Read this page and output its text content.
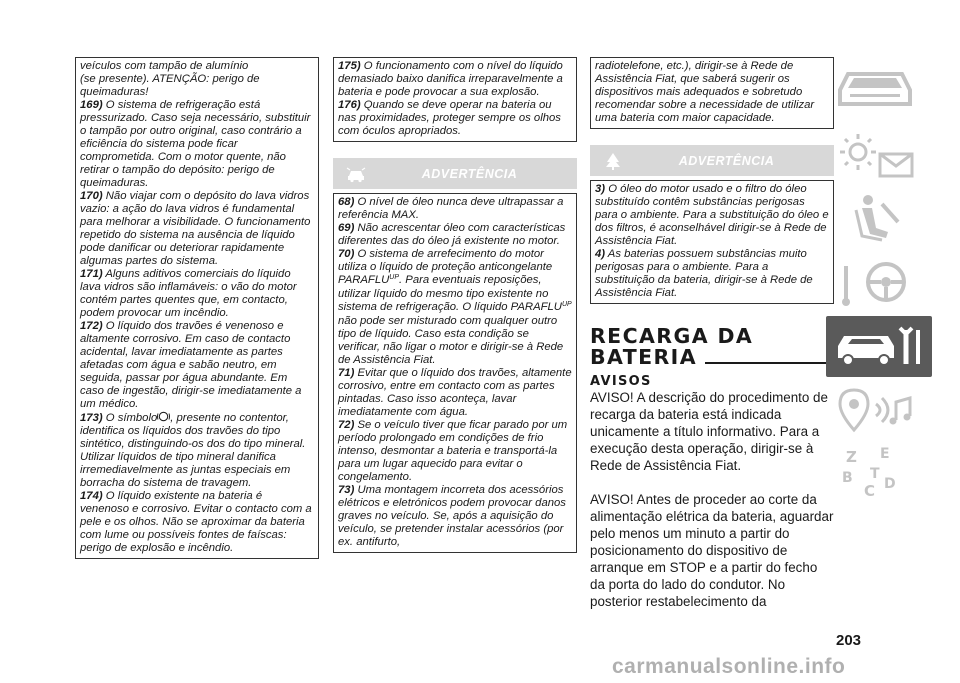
veículos com tampão de alumínio

(se presente). ATENÇÃO: perigo de

queimaduras!

169) O sistema de refrigeração está pressurizado. Caso seja necessário, substituir o tampão por outro original, caso contrário a eficiência do sistema pode ficar comprometida. Com o motor quente, não retirar o tampão do depósito: perigo de queimaduras.

170) Não viajar com o depósito do lava vidros vazio: a ação do lava vidros é fundamental para melhorar a visibilidade. O funcionamento repetido do sistema na ausência de líquido pode danificar ou deteriorar rapidamente algumas partes do sistema.

171) Alguns aditivos comerciais do líquido lava vidros são inflamáveis: o vão do motor contém partes quentes que, em contacto, podem provocar um incêndio.

172) O líquido dos travões é venenoso e altamente corrosivo. Em caso de contacto acidental, lavar imediatamente as partes afetadas com água e sabão neutro, em seguida, passar por água abundante. Em caso de ingestão, dirigir-se imediatamente a um médico.

173) O símbolo , presente no contentor, identifica os líquidos dos travões do tipo sintético, distinguindo-os dos do tipo mineral. Utilizar líquidos de tipo mineral danifica irremediavelmente as juntas especiais em borracha do sistema de travagem.

174) O líquido existente na bateria é venenoso e corrosivo. Evitar o contacto com a pele e os olhos. Não se aproximar da bateria com lume ou possíveis fontes de faíscas: perigo de explosão e incêndio.

175) O funcionamento com o nível do líquido demasiado baixo danifica irreparavelmente a bateria e pode provocar a sua explosão.

176) Quando se deve operar na bateria ou nas proximidades, proteger sempre os olhos com óculos apropriados.

ADVERTÊNCIA

68) O nível de óleo nunca deve ultrapassar a referência MAX.

69) Não acrescentar óleo com características diferentes das do óleo já existente no motor.

70) O sistema de arrefecimento do motor utiliza o líquido de proteção anticongelante $PARAFLU^{UP}$. Para eventuais reposições, utilizar líquido do mesmo tipo existente no sistema de refrigeração. O líquido $PARAFLU^{UP}$ não pode ser misturado com qualquer outro tipo de líquido. Caso esta condição se verificar, não ligar o motor e dirigir-se à Rede de Assistência Fiat.

71) Evitar que o líquido dos travões, altamente corrosivo, entre em contacto com as partes pintadas. Caso isso aconteça, lavar imediatamente com água.

72) Se o veículo tiver que ficar parado por um período prolongado em condições de frio intenso, desmontar a bateria e transportá-la para um lugar aquecido para evitar o congelamento.

73) Uma montagem incorreta dos acessórios elétricos e eletrónicos podem provocar danos graves no veículo. Se, após a aquisição do veículo, se pretender instalar acessórios (por ex. antifurto,

radiotelefone, etc.), dirigir-se à Rede de Assistência Fiat, que saberá sugerir os dispositivos mais adequados e sobretudo recomendar sobre a necessidade de utilizar uma bateria com maior capacidade.

ADVERTÊNCIA

3) O óleo do motor usado e o filtro do óleo substituído contêm substâncias perigosas para o ambiente. Para a substituição do óleo e dos filtros, é aconselhável dirigir-se à Rede de Assistência Fiat.

4) As baterias possuem substâncias muito perigosas para o ambiente. Para a substituição da bateria, dirigir-se à Rede de Assistência Fiat.

RECARGA DA

BATERIA

AVISOS

AVISO! A descrição do procedimento de recarga da bateria está indicada unicamente a título informativo. Para a execução desta operação, dirigir-se à Rede de Assistência Fiat.

AVISO! Antes de proceder ao corte da alimentação elétrica da bateria, aguardar pelo menos um minuto a partir do posicionamento do dispositivo de arranque em STOP e a partir do fecho da porta do lado do condutor. No posterior restabelecimento da

Z E
B
C
T
D
203
carmanualsonline.info
